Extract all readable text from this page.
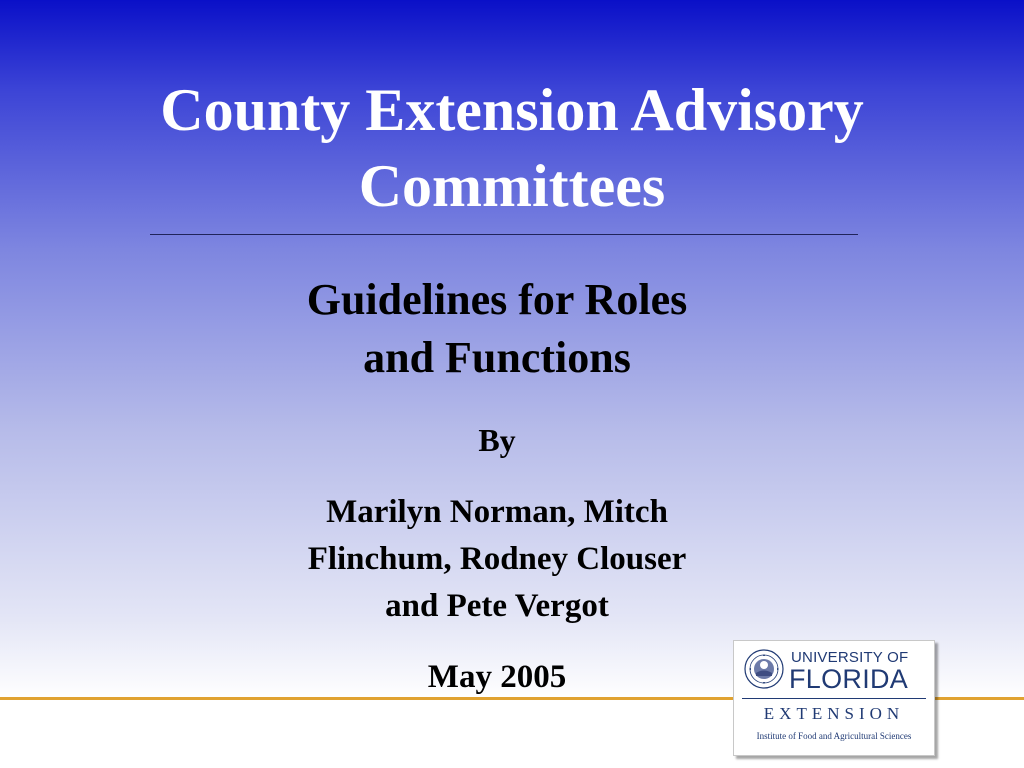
County Extension Advisory
Committees
Guidelines for Roles
and Functions
By
Marilyn Norman, Mitch
Flinchum, Rodney Clouser
and Pete Vergot
May 2005
UNIVERSITY OF
FLORIDA
EXTENSION
Institute of Food and Agricultural Sciences
